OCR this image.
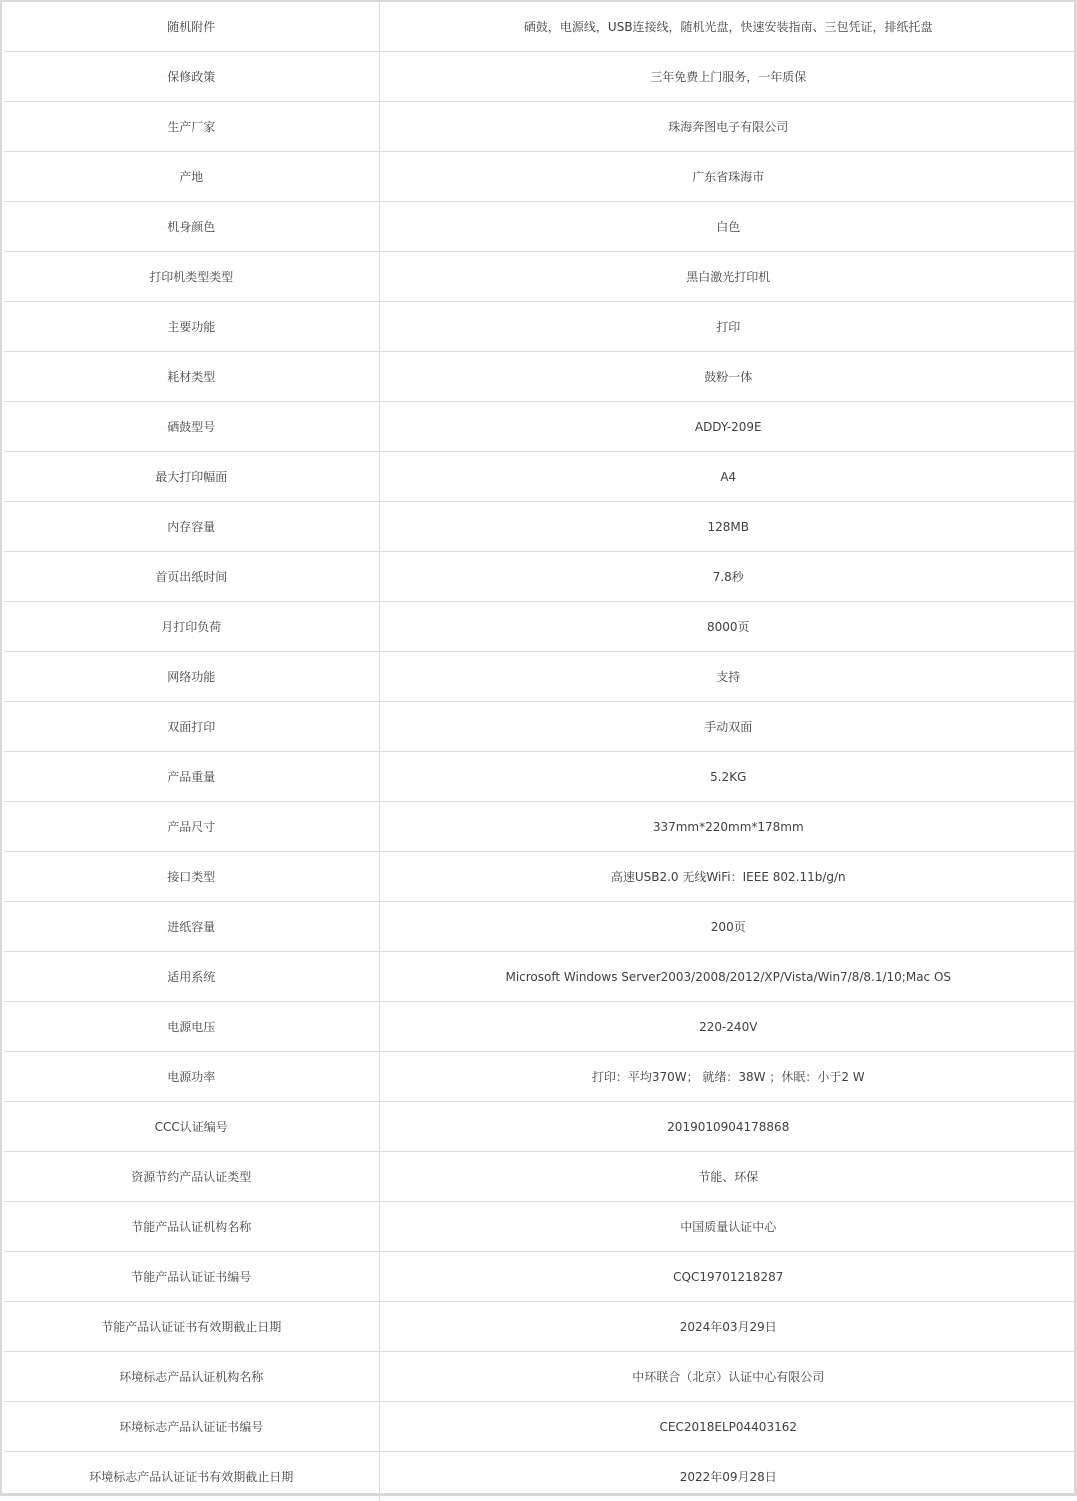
随机附件	硒鼓，电源线，USB连接线，随机光盘，快速安装指南、三包凭证，排纸托盘
保修政策	三年免费上门服务，一年质保
生产厂家	珠海奔图电子有限公司
产地	广东省珠海市
机身颜色	白色
打印机类型类型	黑白激光打印机
主要功能	打印
耗材类型	鼓粉一体
硒鼓型号	ADDY-209E
最大打印幅面	A4
内存容量	128MB
首页出纸时间	7.8秒
月打印负荷	8000页
网络功能	支持
双面打印	手动双面
产品重量	5.2KG
产品尺寸	337mm*220mm*178mm
接口类型	高速USB2.0 无线WiFi：IEEE 802.11b/g/n
进纸容量	200页
适用系统	Microsoft Windows Server2003/2008/2012/XP/Vista/Win7/8/8.1/10;Mac OS
电源电压	220-240V
电源功率	打印：平均370W； 就绪：38W ；休眠：小于2 W
CCC认证编号	2019010904178868
资源节约产品认证类型	节能、环保
节能产品认证机构名称	中国质量认证中心
节能产品认证证书编号	CQC19701218287
节能产品认证证书有效期截止日期	2024年03月29日
环境标志产品认证机构名称	中环联合（北京）认证中心有限公司
环境标志产品认证证书编号	CEC2018ELP04403162
环境标志产品认证证书有效期截止日期	2022年09月28日
